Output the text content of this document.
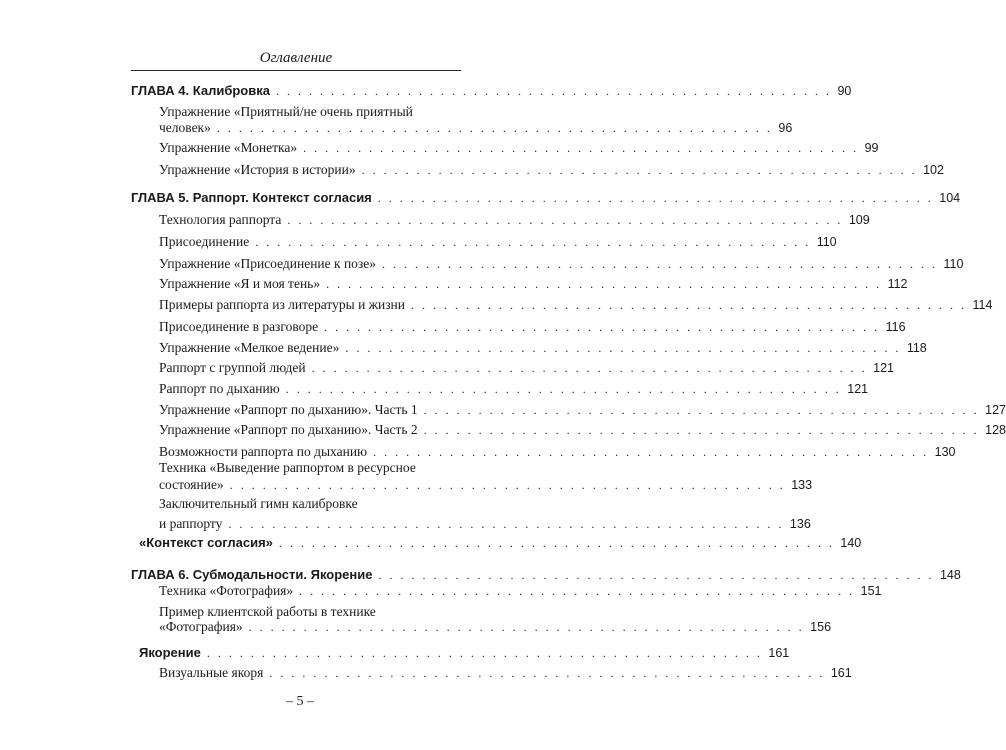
Оглавление
ГЛАВА 4. Калибровка . . . . . . . . . . . . . . . . . . . . . . . . . . . . . . . . . . . . . . . . . . . . . . . . . . . 90
Упражнение «Приятный/не очень приятный
человек» . . . . . . . . . . . . . . . . . . . . . . . . . . . . . . . . . . . . . . . . . . . . . . . . . . . 96
Упражнение «Монетка» . . . . . . . . . . . . . . . . . . . . . . . . . . . . . . . . . . . . . . . . . . . . . . . . . . . 99
Упражнение «История в истории» . . . . . . . . . . . . . . . . . . . . . . . . . . . . . . . . . . . . . . . . . . . . . . . . . . . 102
ГЛАВА 5. Раппорт. Контекст согласия . . . . . . . . . . . . . . . . . . . . . . . . . . . . . . . . . . . . . . . . . . . . . . . . . . . 104
Технология раппорта . . . . . . . . . . . . . . . . . . . . . . . . . . . . . . . . . . . . . . . . . . . . . . . . . . . 109
Присоединение . . . . . . . . . . . . . . . . . . . . . . . . . . . . . . . . . . . . . . . . . . . . . . . . . . . 110
Упражнение «Присоединение к позе» . . . . . . . . . . . . . . . . . . . . . . . . . . . . . . . . . . . . . . . . . . . . . . . . . . . 110
Упражнение «Я и моя тень» . . . . . . . . . . . . . . . . . . . . . . . . . . . . . . . . . . . . . . . . . . . . . . . . . . . 112
Примеры раппорта из литературы и жизни . . . . . . . . . . . . . . . . . . . . . . . . . . . . . . . . . . . . . . . . . . . . . . . . . . . 114
Присоединение в разговоре . . . . . . . . . . . . . . . . . . . . . . . . . . . . . . . . . . . . . . . . . . . . . . . . . . . 116
Упражнение «Мелкое ведение» . . . . . . . . . . . . . . . . . . . . . . . . . . . . . . . . . . . . . . . . . . . . . . . . . . . 118
Раппорт с группой людей . . . . . . . . . . . . . . . . . . . . . . . . . . . . . . . . . . . . . . . . . . . . . . . . . . . 121
Раппорт по дыханию . . . . . . . . . . . . . . . . . . . . . . . . . . . . . . . . . . . . . . . . . . . . . . . . . . . 121
Упражнение «Раппорт по дыханию». Часть 1 . . . . . . . . . . . . . . . . . . . . . . . . . . . . . . . . . . . . . . . . . . . . . . . . . . . 127
Упражнение «Раппорт по дыханию». Часть 2 . . . . . . . . . . . . . . . . . . . . . . . . . . . . . . . . . . . . . . . . . . . . . . . . . . . 128
Возможности раппорта по дыханию . . . . . . . . . . . . . . . . . . . . . . . . . . . . . . . . . . . . . . . . . . . . . . . . . . . 130
Техника «Выведение раппортом в ресурсное
состояние» . . . . . . . . . . . . . . . . . . . . . . . . . . . . . . . . . . . . . . . . . . . . . . . . . . . 133
Заключительный гимн калибровке
и раппорту . . . . . . . . . . . . . . . . . . . . . . . . . . . . . . . . . . . . . . . . . . . . . . . . . . . 136
«Контекст согласия» . . . . . . . . . . . . . . . . . . . . . . . . . . . . . . . . . . . . . . . . . . . . . . . . . . . 140
ГЛАВА 6. Субмодальности. Якорение . . . . . . . . . . . . . . . . . . . . . . . . . . . . . . . . . . . . . . . . . . . . . . . . . . . 148
Техника «Фотография» . . . . . . . . . . . . . . . . . . . . . . . . . . . . . . . . . . . . . . . . . . . . . . . . . . . 151
Пример клиентской работы в технике
«Фотография» . . . . . . . . . . . . . . . . . . . . . . . . . . . . . . . . . . . . . . . . . . . . . . . . . . . 156
Якорение . . . . . . . . . . . . . . . . . . . . . . . . . . . . . . . . . . . . . . . . . . . . . . . . . . . 161
Визуальные якоря . . . . . . . . . . . . . . . . . . . . . . . . . . . . . . . . . . . . . . . . . . . . . . . . . . . 161
– 5 –
